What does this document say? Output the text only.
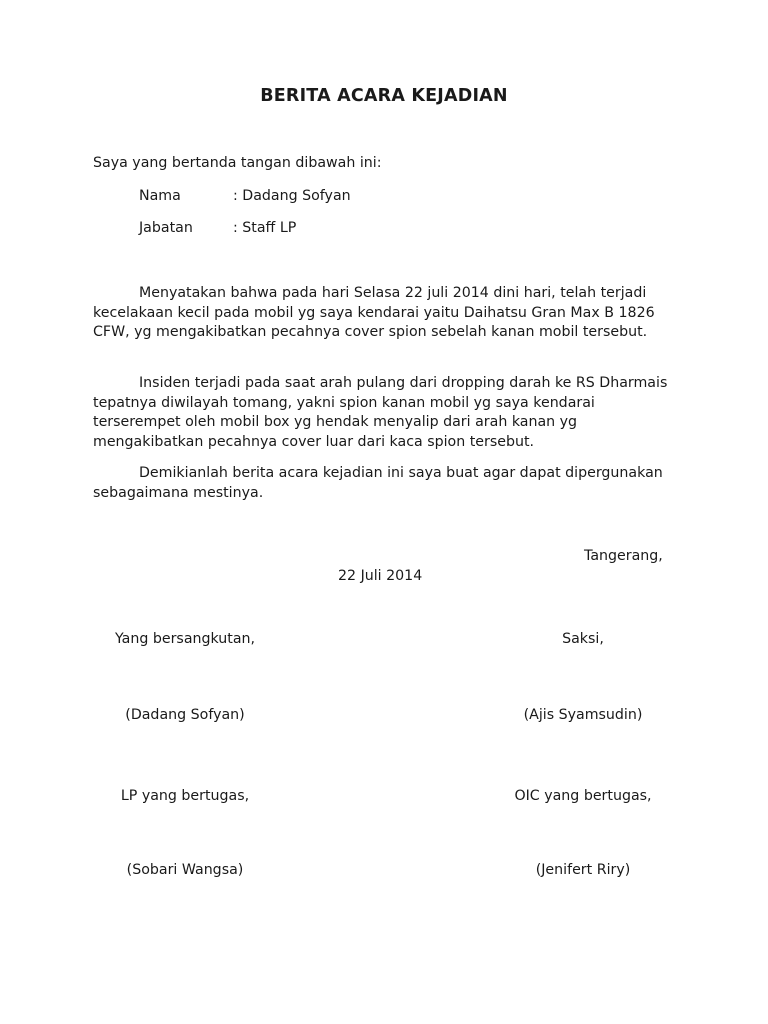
BERITA ACARA KEJADIAN
Saya yang bertanda tangan dibawah ini:
Nama	: Dadang Sofyan
Jabatan	: Staff LP

Menyatakan bahwa pada hari Selasa 22 juli 2014 dini hari, telah terjadi kecelakaan kecil pada mobil yg saya kendarai yaitu Daihatsu Gran Max B 1826 CFW, yg mengakibatkan pecahnya cover spion sebelah kanan mobil tersebut.

Insiden terjadi pada saat arah pulang dari dropping darah ke RS Dharmais tepatnya diwilayah tomang, yakni spion kanan mobil yg saya kendarai terserempet oleh mobil box yg hendak menyalip dari arah kanan yg mengakibatkan pecahnya cover luar dari kaca spion tersebut.

Demikianlah berita acara kejadian ini saya buat agar dapat dipergunakan sebagaimana mestinya.

Tangerang,
22 Juli 2014
Yang bersangkutan,	Saksi,
(Dadang Sofyan)	(Ajis Syamsudin)
LP yang bertugas,	OIC yang bertugas,
(Sobari Wangsa)	(Jenifert Riry)
